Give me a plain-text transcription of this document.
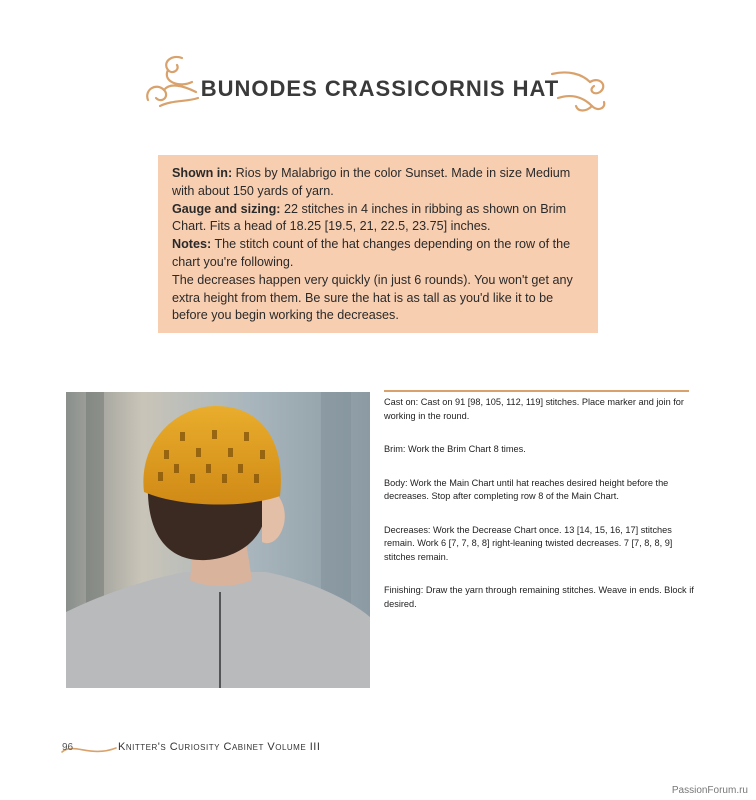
BUNODES CRASSICORNIS HAT

Shown in: Rios by Malabrigo in the color Sunset. Made in size Medium with about 150 yards of yarn.

Gauge and sizing: 22 stitches in 4 inches in ribbing as shown on Brim Chart. Fits a head of 18.25 [19.5, 21, 22.5, 23.75] inches.

Notes: The stitch count of the hat changes depending on the row of the chart you're following.

The decreases happen very quickly (in just 6 rounds). You won't get any extra height from them. Be sure the hat is as tall as you'd like it to be before you begin working the decreases.

Cast on: Cast on 91 [98, 105, 112, 119] stitches. Place marker and join for working in the round.

Brim: Work the Brim Chart 8 times.

Body: Work the Main Chart until hat reaches desired height before the decreases. Stop after completing row 8 of the Main Chart.

Decreases: Work the Decrease Chart once. 13 [14, 15, 16, 17] stitches remain. Work 6 [7, 7, 8, 8] right-leaning twisted decreases. 7 [7, 8, 8, 9] stitches remain.

Finishing: Draw the yarn through remaining stitches. Weave in ends. Block if desired.

96	Knitter's Curiosity Cabinet Volume III
PassionForum.ru
